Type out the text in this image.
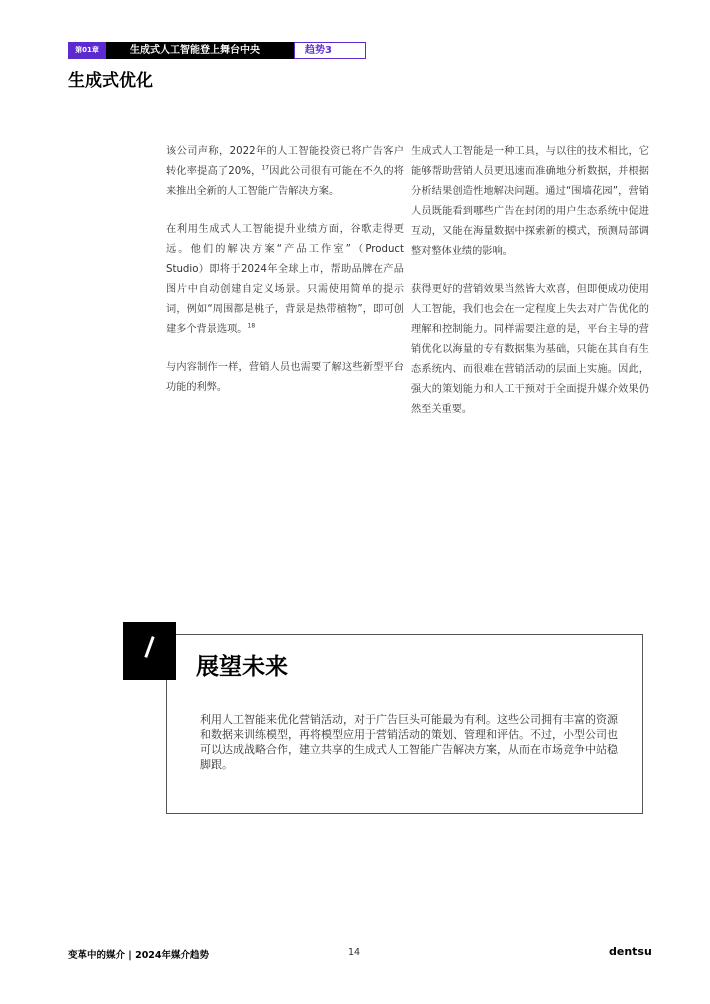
第01章	生成式人工智能登上舞台中央	趋势3
生成式优化

该公司声称，2022年的人工智能投资已将广告客户转化率提高了20%，$^{17}$因此公司很有可能在不久的将来推出全新的人工智能广告解决方案。

在利用生成式人工智能提升业绩方面，谷歌走得更远。他们的解决方案“产品工作室”（Product Studio）即将于2024年全球上市，帮助品牌在产品图片中自动创建自定义场景。只需使用简单的提示词，例如“周围都是桃子，背景是热带植物”，即可创建多个背景选项。$^{18}$

与内容制作一样，营销人员也需要了解这些新型平台功能的利弊。

生成式人工智能是一种工具，与以往的技术相比，它能够帮助营销人员更迅速而准确地分析数据，并根据分析结果创造性地解决问题。通过“围墙花园”，营销人员既能看到哪些广告在封闭的用户生态系统中促进互动，又能在海量数据中探索新的模式，预测局部调整对整体业绩的影响。

获得更好的营销效果当然皆大欢喜，但即便成功使用人工智能，我们也会在一定程度上失去对广告优化的理解和控制能力。同样需要注意的是，平台主导的营销优化以海量的专有数据集为基础，只能在其自有生态系统内、而很难在营销活动的层面上实施。因此，强大的策划能力和人工干预对于全面提升媒介效果仍然至关重要。

展望未来
利用人工智能来优化营销活动，对于广告巨头可能最为有利。这些公司拥有丰富的资源和数据来训练模型，再将模型应用于营销活动的策划、管理和评估。不过，小型公司也可以达成战略合作，建立共享的生成式人工智能广告解决方案，从而在市场竞争中站稳脚跟。
变革中的媒介 | 2024年媒介趋势	14	dentsu
